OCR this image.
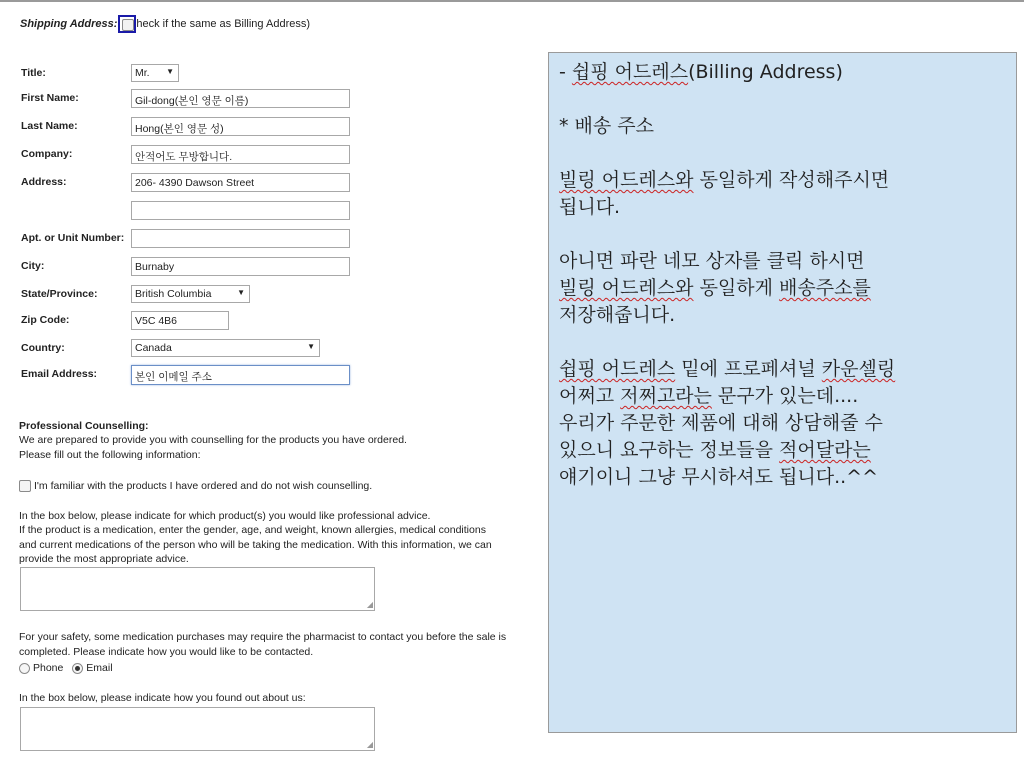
Shipping Address: heck if the same as Billing Address)
Title:	Mr. ▼
First Name:	Gil-dong(본인 영문 이름)
Last Name:	Hong(본인 영문 성)
Company:	안적어도 무방합니다.
Address:	206- 4390 Dawson Street
Apt. or Unit Number:
City:	Burnaby
State/Province:	British Columbia	▼
Zip Code:	V5C 4B6
Country:	Canada	▼
Email Address:	본인 이메일 주소
Professional Counselling:
We are prepared to provide you with counselling for the products you have ordered.
Please fill out the following information:
I'm familiar with the products I have ordered and do not wish counselling.
In the box below, please indicate for which product(s) you would like professional advice.
If the product is a medication, enter the gender, age, and weight, known allergies, medical conditions
and current medications of the person who will be taking the medication. With this information, we can
provide the most appropriate advice.
◢
For your safety, some medication purchases may require the pharmacist to contact you before the sale is
completed. Please indicate how you would like to be contacted.
Phone Email
In the box below, please indicate how you found out about us:
◢
- 쉽핑 어드레스(Billing Address)
* 배송 주소
빌링 어드레스와 동일하게 작성해주시면
됩니다.
아니면 파란 네모 상자를 클릭 하시면
빌링 어드레스와 동일하게 배송주소를
저장해줍니다.
쉽핑 어드레스 밑에 프로페셔널 카운셀링
어쩌고 저쩌고라는 문구가 있는데....
우리가 주문한 제품에 대해 상담해줄 수
있으니 요구하는 정보들을 적어달라는
얘기이니 그냥 무시하셔도 됩니다..^^
